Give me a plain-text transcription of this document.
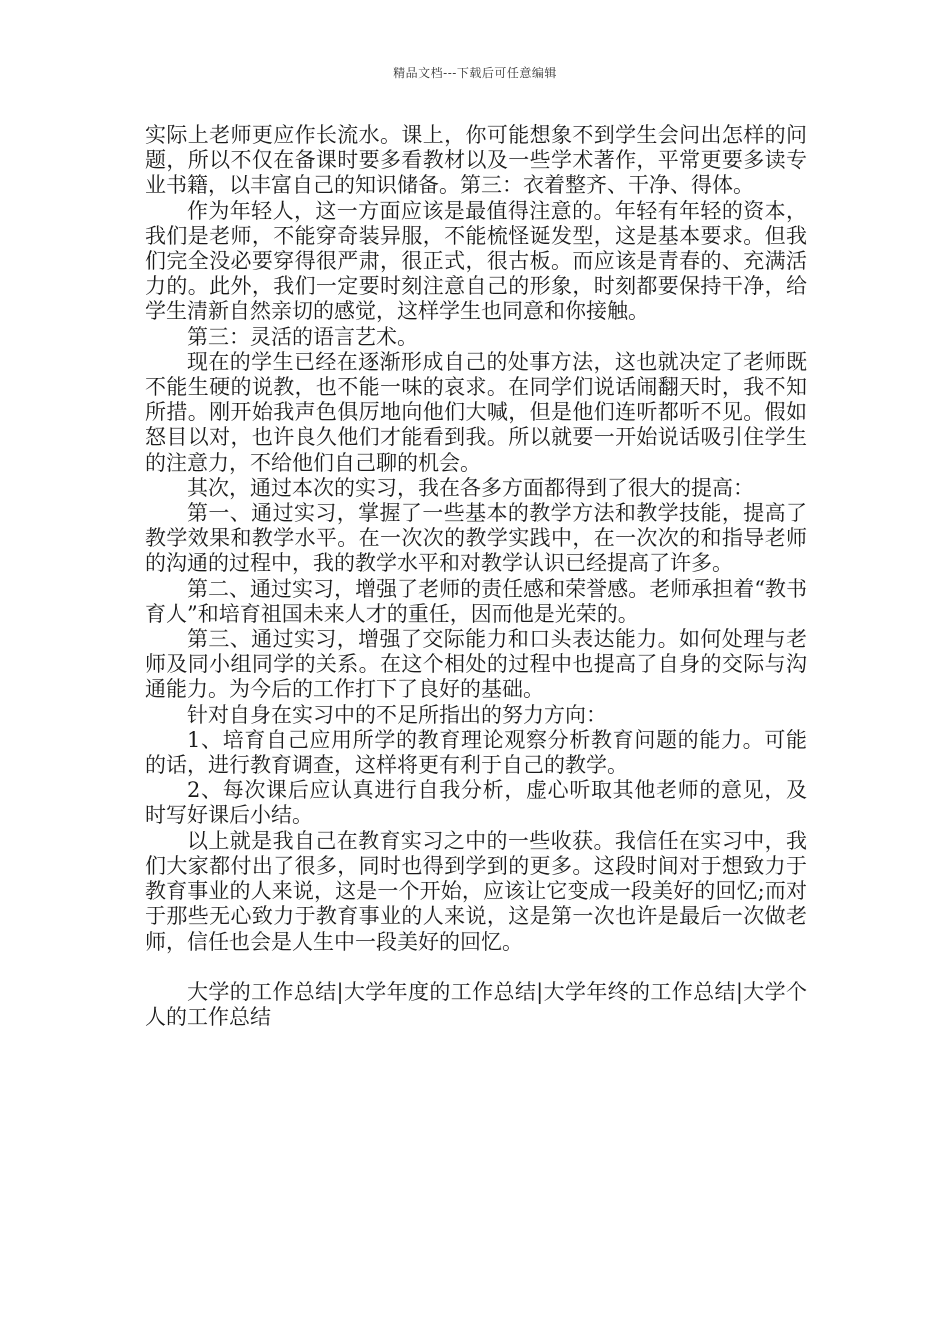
精品文档---下载后可任意编辑

实际上老师更应作长流水。课上，你可能想象不到学生会问出怎样的问题，所以不仅在备课时要多看教材以及一些学术著作，平常更要多读专业书籍，以丰富自己的知识储备。第三：衣着整齐、干净、得体。

作为年轻人，这一方面应该是最值得注意的。年轻有年轻的资本，我们是老师，不能穿奇装异服，不能梳怪诞发型，这是基本要求。但我们完全没必要穿得很严肃，很正式，很古板。而应该是青春的、充满活力的。此外，我们一定要时刻注意自己的形象，时刻都要保持干净，给学生清新自然亲切的感觉，这样学生也同意和你接触。

第三：灵活的语言艺术。

现在的学生已经在逐渐形成自己的处事方法，这也就决定了老师既不能生硬的说教，也不能一味的哀求。在同学们说话闹翻天时，我不知所措。刚开始我声色俱厉地向他们大喊，但是他们连听都听不见。假如怒目以对，也许良久他们才能看到我。所以就要一开始说话吸引住学生的注意力，不给他们自己聊的机会。

其次，通过本次的实习，我在各多方面都得到了很大的提高：

第一、通过实习，掌握了一些基本的教学方法和教学技能，提高了教学效果和教学水平。在一次次的教学实践中，在一次次的和指导老师的沟通的过程中，我的教学水平和对教学认识已经提高了许多。

第二、通过实习，增强了老师的责任感和荣誉感。老师承担着“教书育人”和培育祖国未来人才的重任，因而他是光荣的。

第三、通过实习，增强了交际能力和口头表达能力。如何处理与老师及同小组同学的关系。在这个相处的过程中也提高了自身的交际与沟通能力。为今后的工作打下了良好的基础。

针对自身在实习中的不足所指出的努力方向：

1、培育自己应用所学的教育理论观察分析教育问题的能力。可能的话，进行教育调查，这样将更有利于自己的教学。

2、每次课后应认真进行自我分析，虚心听取其他老师的意见，及时写好课后小结。

以上就是我自己在教育实习之中的一些收获。我信任在实习中，我们大家都付出了很多，同时也得到学到的更多。这段时间对于想致力于教育事业的人来说，这是一个开始，应该让它变成一段美好的回忆;而对于那些无心致力于教育事业的人来说，这是第一次也许是最后一次做老师，信任也会是人生中一段美好的回忆。

大学的工作总结|大学年度的工作总结|大学年终的工作总结|大学个人的工作总结
